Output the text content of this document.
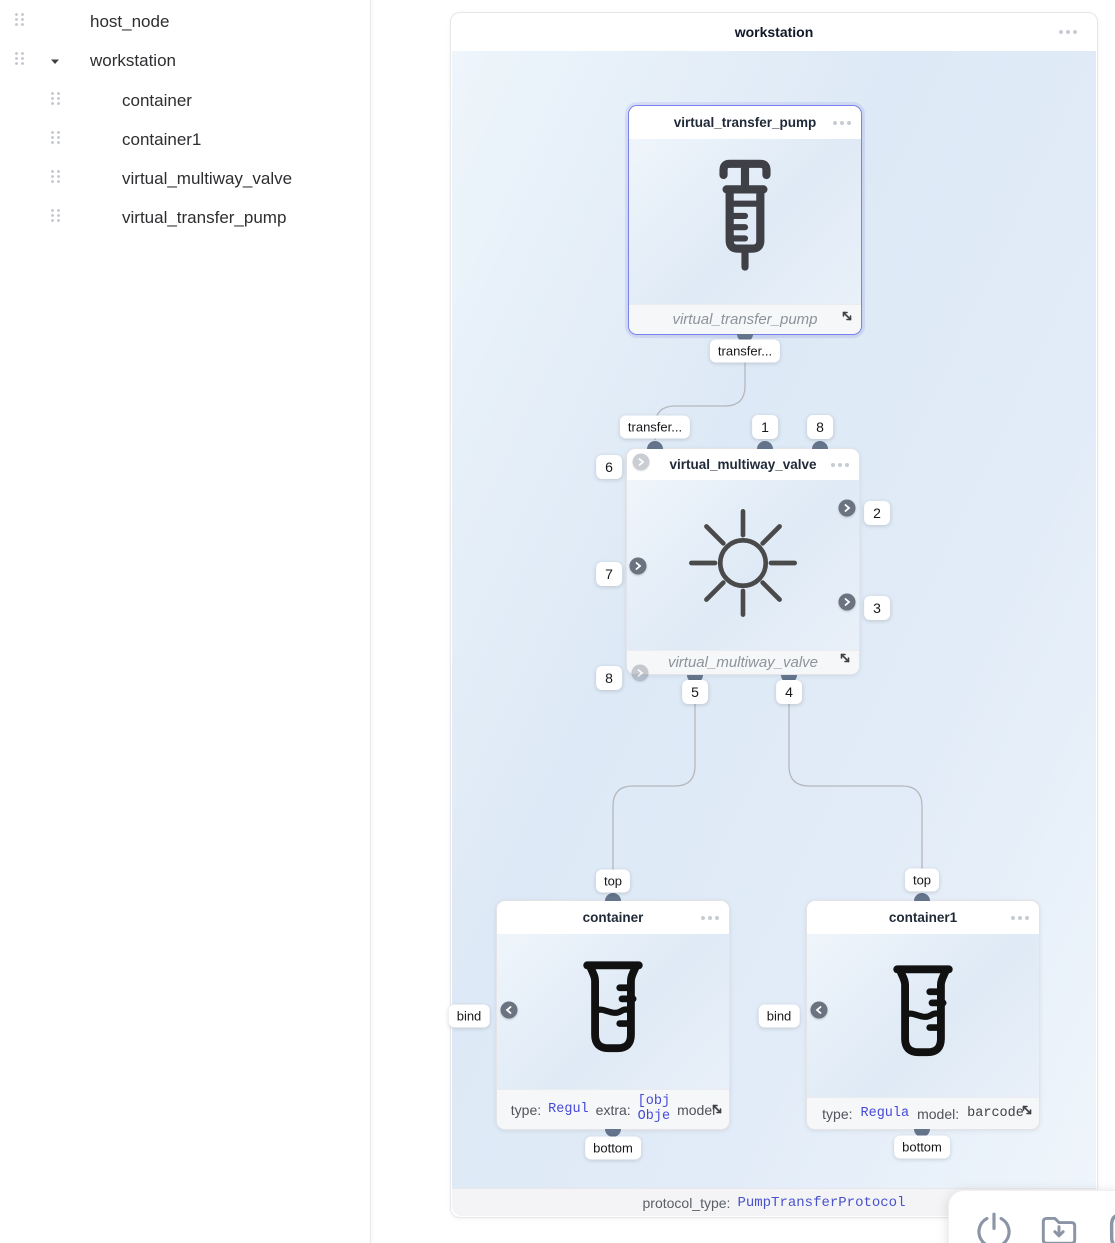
host_node
workstation
container
container1
virtual_multiway_valve
virtual_transfer_pump
workstation
protocol_type: PumpTransferProtocol
virtual_transfer_pump
virtual_transfer_pump
transfer...
virtual_multiway_valve
virtual_multiway_valve
transfer...	1	8
6
7
8
2
3
5	4
container
type: Regul extra:
[obj
Obje model
top
bind
bottom
container1
type: Regula model: barcode
top
bind
bottom
